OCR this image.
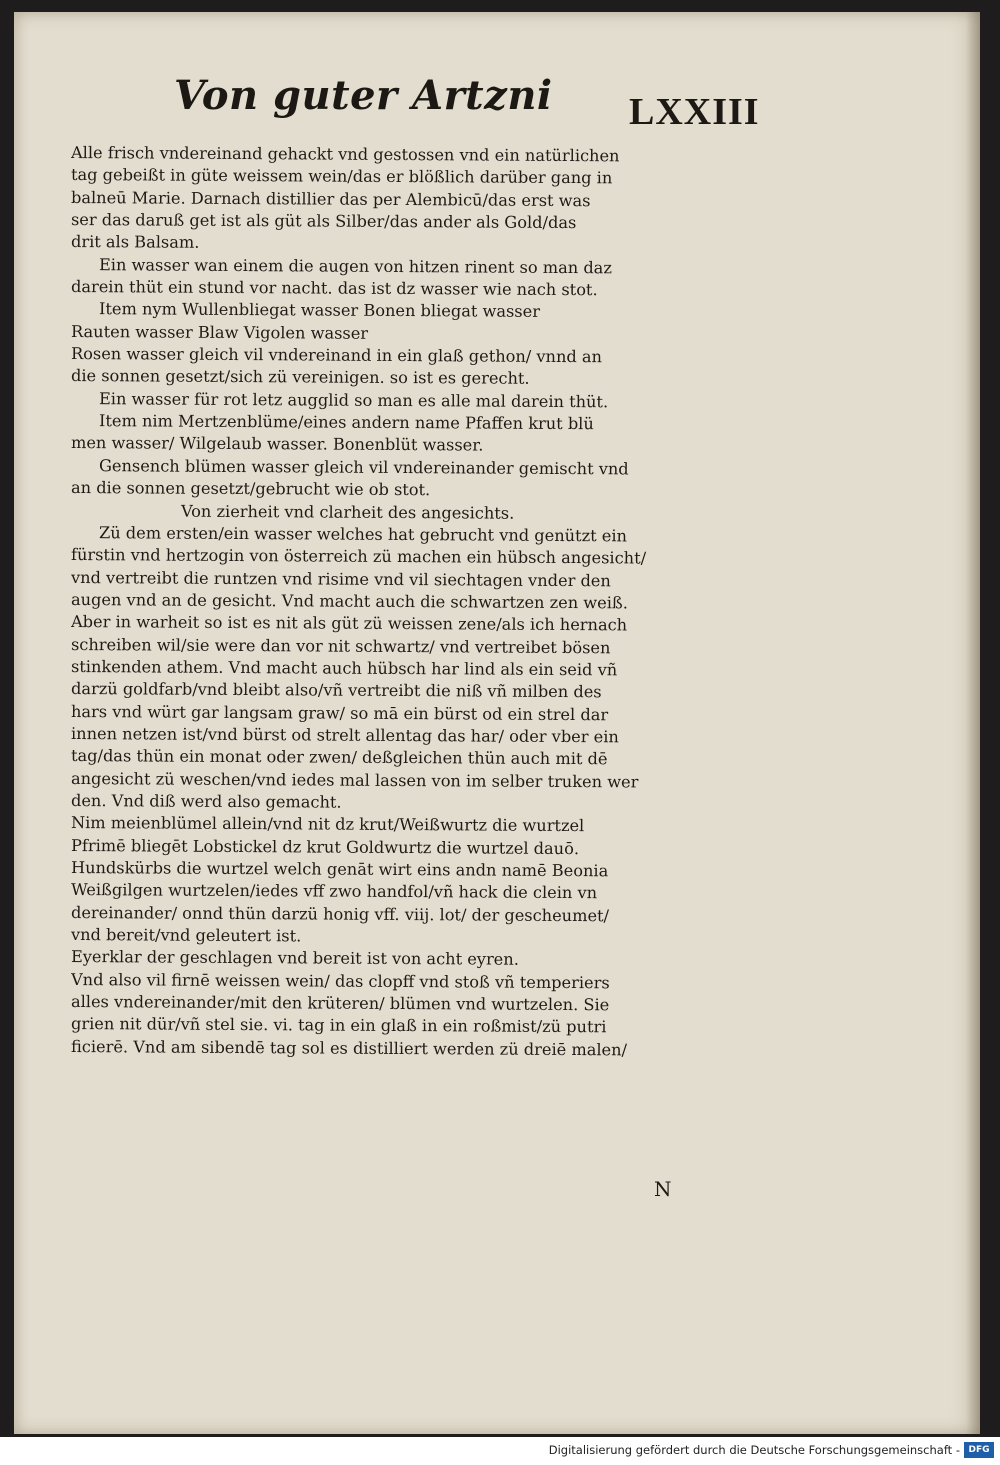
Von guter Artzni LXXIII
Alle frisch vndereinand gehackt vnd gestossen vnd ein natürlichen
tag gebeißt in güte weissem wein/das er blößlich darüber gang in
balneū Marie. Darnach distillier das per Alembicū/das erst was
ser das daruß get ist als güt als Silber/das ander als Gold/das
drit als Balsam.
Ein wasser wan einem die augen von hitzen rinent so man daz
darein thüt ein stund vor nacht. das ist dz wasser wie nach stot.
Item nym Wullenbliegat wasser Bonen bliegat wasser
Rauten wasser Blaw Vigolen wasser
Rosen wasser gleich vil vndereinand in ein glaß gethon/ vnnd an
die sonnen gesetzt/sich zü vereinigen. so ist es gerecht.
Ein wasser für rot letz augglid so man es alle mal darein thüt.
Item nim Mertzenblüme/eines andern name Pfaffen krut blü
men wasser/ Wilgelaub wasser. Bonenblüt wasser.
Gensench blümen wasser gleich vil vndereinander gemischt vnd
an die sonnen gesetzt/gebrucht wie ob stot.
Von zierheit vnd clarheit des angesichts.
Zü dem ersten/ein wasser welches hat gebrucht vnd genützt ein
fürstin vnd hertzogin von österreich zü machen ein hübsch angesicht/
vnd vertreibt die runtzen vnd risime vnd vil siechtagen vnder den
augen vnd an de gesicht. Vnd macht auch die schwartzen zen weiß.
Aber in warheit so ist es nit als güt zü weissen zene/als ich hernach
schreiben wil/sie were dan vor nit schwartz/ vnd vertreibet bösen
stinkenden athem. Vnd macht auch hübsch har lind als ein seid vñ
darzü goldfarb/vnd bleibt also/vñ vertreibt die niß vñ milben des
hars vnd würt gar langsam graw/ so mā ein bürst od ein strel dar
innen netzen ist/vnd bürst od strelt allentag das har/ oder vber ein
tag/das thün ein monat oder zwen/ deßgleichen thün auch mit dē
angesicht zü weschen/vnd iedes mal lassen von im selber truken wer
den. Vnd diß werd also gemacht.
Nim meienblümel allein/vnd nit dz krut/Weißwurtz die wurtzel
Pfrimē bliegēt Lobstickel dz krut Goldwurtz die wurtzel dauō.
Hundskürbs die wurtzel welch genāt wirt eins andn namē Beonia
Weißgilgen wurtzelen/iedes vff zwo handfol/vñ hack die clein vn
dereinander/ onnd thün darzü honig vff. viij. lot/ der gescheumet/
vnd bereit/vnd geleutert ist.
Eyerklar der geschlagen vnd bereit ist von acht eyren.
Vnd also vil firnē weissen wein/ das clopff vnd stoß vñ temperiers
alles vndereinander/mit den krüteren/ blümen vnd wurtzelen. Sie
grien nit dür/vñ stel sie. vi. tag in ein glaß in ein roßmist/zü putri
ficierē. Vnd am sibendē tag sol es distilliert werden zü dreiē malen/
N
Digitalisierung gefördert durch die Deutsche Forschungsgemeinschaft - DFG
